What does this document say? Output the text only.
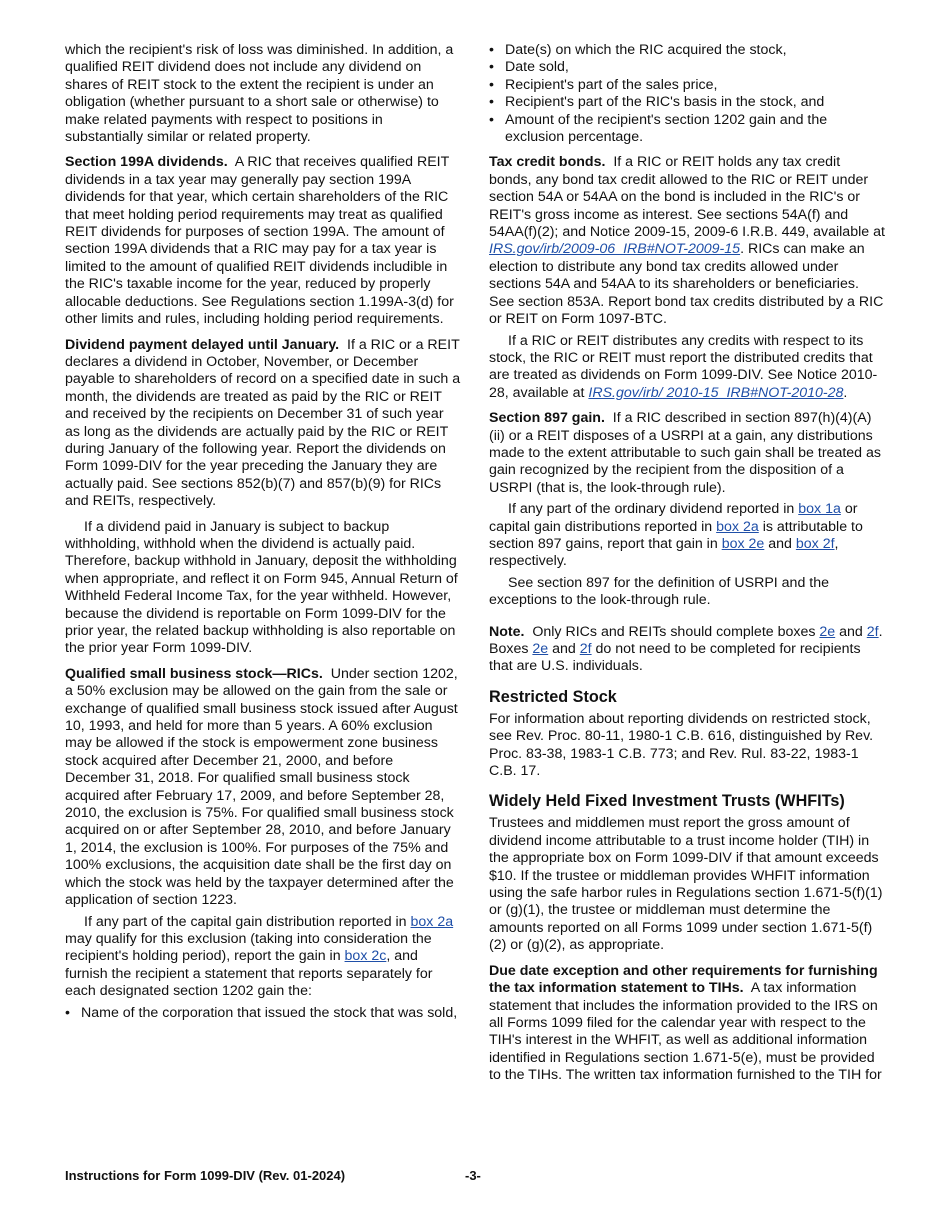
which the recipient's risk of loss was diminished. In addition, a qualified REIT dividend does not include any dividend on shares of REIT stock to the extent the recipient is under an obligation (whether pursuant to a short sale or otherwise) to make related payments with respect to positions in substantially similar or related property.

Section 199A dividends. A RIC that receives qualified REIT dividends in a tax year may generally pay section 199A dividends for that year, which certain shareholders of the RIC that meet holding period requirements may treat as qualified REIT dividends for purposes of section 199A. The amount of section 199A dividends that a RIC may pay for a tax year is limited to the amount of qualified REIT dividends includible in the RIC's taxable income for the year, reduced by properly allocable deductions. See Regulations section 1.199A-3(d) for other limits and rules, including holding period requirements.

Dividend payment delayed until January. If a RIC or a REIT declares a dividend in October, November, or December payable to shareholders of record on a specified date in such a month, the dividends are treated as paid by the RIC or REIT and received by the recipients on December 31 of such year as long as the dividends are actually paid by the RIC or REIT during January of the following year. Report the dividends on Form 1099-DIV for the year preceding the January they are actually paid. See sections 852(b)(7) and 857(b)(9) for RICs and REITs, respectively.

If a dividend paid in January is subject to backup withholding, withhold when the dividend is actually paid. Therefore, backup withhold in January, deposit the withholding when appropriate, and reflect it on Form 945, Annual Return of Withheld Federal Income Tax, for the year withheld. However, because the dividend is reportable on Form 1099-DIV for the prior year, the related backup withholding is also reportable on the prior year Form 1099-DIV.

Qualified small business stock—RICs. Under section 1202, a 50% exclusion may be allowed on the gain from the sale or exchange of qualified small business stock issued after August 10, 1993, and held for more than 5 years. A 60% exclusion may be allowed if the stock is empowerment zone business stock acquired after December 21, 2000, and before December 31, 2018. For qualified small business stock acquired after February 17, 2009, and before September 28, 2010, the exclusion is 75%. For qualified small business stock acquired on or after September 28, 2010, and before January 1, 2014, the exclusion is 100%. For purposes of the 75% and 100% exclusions, the acquisition date shall be the first day on which the stock was held by the taxpayer determined after the application of section 1223.

If any part of the capital gain distribution reported in box 2a may qualify for this exclusion (taking into consideration the recipient's holding period), report the gain in box 2c, and furnish the recipient a statement that reports separately for each designated section 1202 gain the:

• Name of the corporation that issued the stock that was sold,
• Date(s) on which the RIC acquired the stock,
• Date sold,
• Recipient's part of the sales price,
• Recipient's part of the RIC's basis in the stock, and
• Amount of the recipient's section 1202 gain and the exclusion percentage.

Tax credit bonds. If a RIC or REIT holds any tax credit bonds, any bond tax credit allowed to the RIC or REIT under section 54A or 54AA on the bond is included in the RIC's or REIT's gross income as interest. See sections 54A(f) and 54AA(f)(2); and Notice 2009-15, 2009-6 I.R.B. 449, available at IRS.gov/irb/2009-06_IRB#NOT-2009-15. RICs can make an election to distribute any bond tax credits allowed under sections 54A and 54AA to its shareholders or beneficiaries. See section 853A. Report bond tax credits distributed by a RIC or REIT on Form 1097-BTC.

If a RIC or REIT distributes any credits with respect to its stock, the RIC or REIT must report the distributed credits that are treated as dividends on Form 1099-DIV. See Notice 2010-28, available at IRS.gov/irb/ 2010-15_IRB#NOT-2010-28.

Section 897 gain. If a RIC described in section 897(h)(4)(A)(ii) or a REIT disposes of a USRPI at a gain, any distributions made to the extent attributable to such gain shall be treated as gain recognized by the recipient from the disposition of a USRPI (that is, the look-through rule).

If any part of the ordinary dividend reported in box 1a or capital gain distributions reported in box 2a is attributable to section 897 gains, report that gain in box 2e and box 2f, respectively.

See section 897 for the definition of USRPI and the exceptions to the look-through rule.

Note. Only RICs and REITs should complete boxes 2e and 2f. Boxes 2e and 2f do not need to be completed for recipients that are U.S. individuals.

Restricted Stock

For information about reporting dividends on restricted stock, see Rev. Proc. 80-11, 1980-1 C.B. 616, distinguished by Rev. Proc. 83-38, 1983-1 C.B. 773; and Rev. Rul. 83-22, 1983-1 C.B. 17.

Widely Held Fixed Investment Trusts (WHFITs)

Trustees and middlemen must report the gross amount of dividend income attributable to a trust income holder (TIH) in the appropriate box on Form 1099-DIV if that amount exceeds $10. If the trustee or middleman provides WHFIT information using the safe harbor rules in Regulations section 1.671-5(f)(1) or (g)(1), the trustee or middleman must determine the amounts reported on all Forms 1099 under section 1.671-5(f)(2) or (g)(2), as appropriate.

Due date exception and other requirements for furnishing the tax information statement to TIHs. A tax information statement that includes the information provided to the IRS on all Forms 1099 filed for the calendar year with respect to the TIH's interest in the WHFIT, as well as additional information identified in Regulations section 1.671-5(e), must be provided to the TIHs. The written tax information furnished to the TIH for

Instructions for Form 1099-DIV (Rev. 01-2024)	-3-
